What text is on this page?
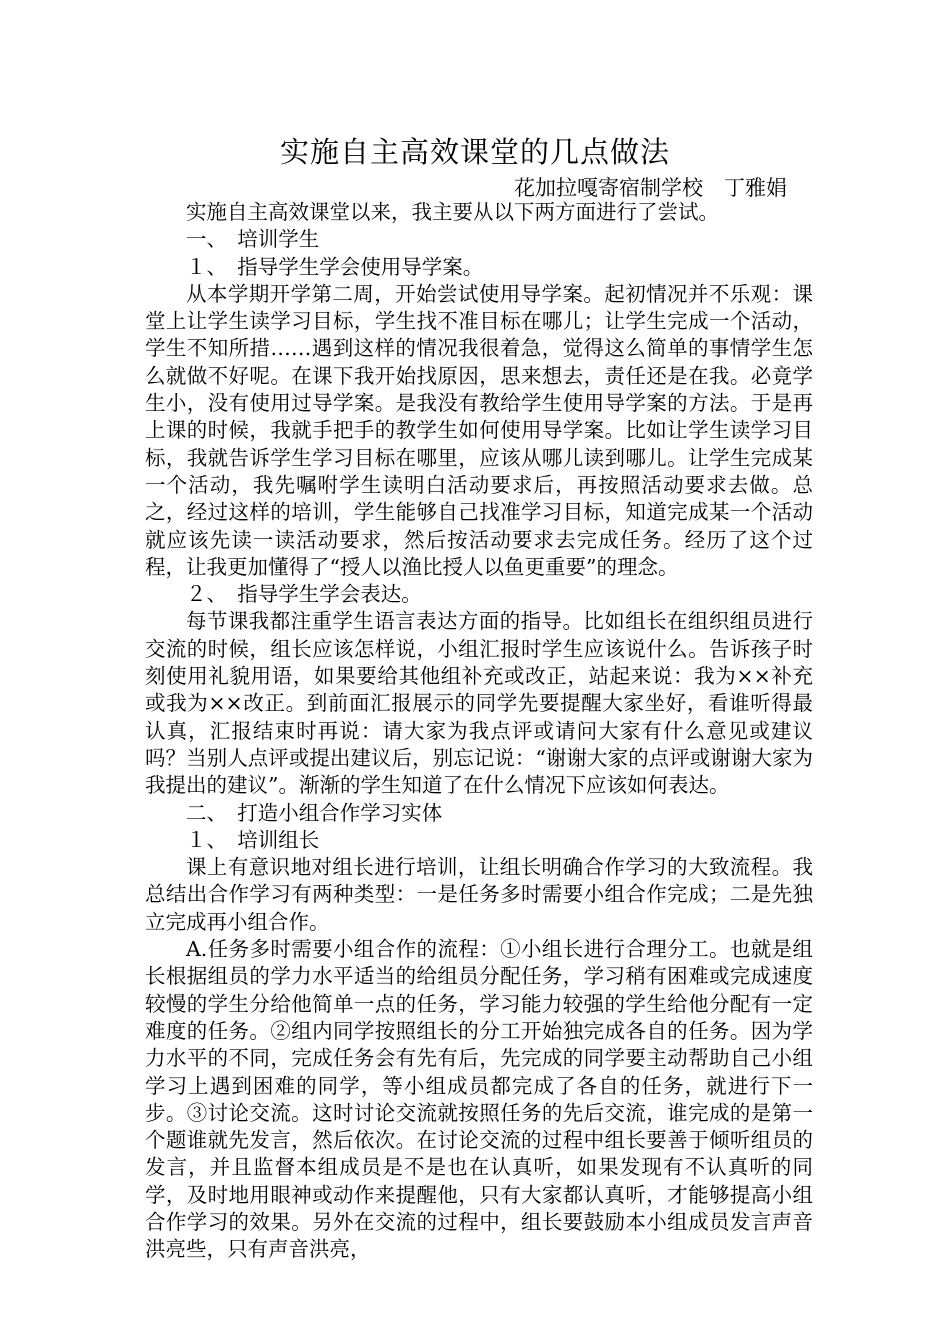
实施自主高效课堂的几点做法
花加拉嘎寄宿制学校　丁雅娟

实施自主高效课堂以来，我主要从以下两方面进行了尝试。

一、　培训学生

１、　指导学生学会使用导学案。

从本学期开学第二周，开始尝试使用导学案。起初情况并不乐观：课堂上让学生读学习目标，学生找不准目标在哪儿；让学生完成一个活动，学生不知所措……遇到这样的情况我很着急，觉得这么简单的事情学生怎么就做不好呢。在课下我开始找原因，思来想去，责任还是在我。必竟学生小，没有使用过导学案。是我没有教给学生使用导学案的方法。于是再上课的时候，我就手把手的教学生如何使用导学案。比如让学生读学习目标，我就告诉学生学习目标在哪里，应该从哪儿读到哪儿。让学生完成某一个活动，我先嘱咐学生读明白活动要求后，再按照活动要求去做。总之，经过这样的培训，学生能够自己找准学习目标，知道完成某一个活动就应该先读一读活动要求，然后按活动要求去完成任务。经历了这个过程，让我更加懂得了“授人以渔比授人以鱼更重要”的理念。

２、　指导学生学会表达。

每节课我都注重学生语言表达方面的指导。比如组长在组织组员进行交流的时候，组长应该怎样说，小组汇报时学生应该说什么。告诉孩子时刻使用礼貌用语，如果要给其他组补充或改正，站起来说：我为××补充或我为××改正。到前面汇报展示的同学先要提醒大家坐好，看谁听得最认真，汇报结束时再说：请大家为我点评或请问大家有什么意见或建议吗？当别人点评或提出建议后，别忘记说：“谢谢大家的点评或谢谢大家为我提出的建议”。渐渐的学生知道了在什么情况下应该如何表达。

二、　打造小组合作学习实体

１、　培训组长

课上有意识地对组长进行培训，让组长明确合作学习的大致流程。我总结出合作学习有两种类型：一是任务多时需要小组合作完成；二是先独立完成再小组合作。

A.任务多时需要小组合作的流程：①小组长进行合理分工。也就是组长根据组员的学力水平适当的给组员分配任务，学习稍有困难或完成速度较慢的学生分给他简单一点的任务，学习能力较强的学生给他分配有一定难度的任务。②组内同学按照组长的分工开始独完成各自的任务。因为学力水平的不同，完成任务会有先有后，先完成的同学要主动帮助自己小组学习上遇到困难的同学，等小组成员都完成了各自的任务，就进行下一步。③讨论交流。这时讨论交流就按照任务的先后交流，谁完成的是第一个题谁就先发言，然后依次。在讨论交流的过程中组长要善于倾听组员的发言，并且监督本组成员是不是也在认真听，如果发现有不认真听的同学，及时地用眼神或动作来提醒他，只有大家都认真听，才能够提高小组合作学习的效果。另外在交流的过程中，组长要鼓励本小组成员发言声音洪亮些，只有声音洪亮，
